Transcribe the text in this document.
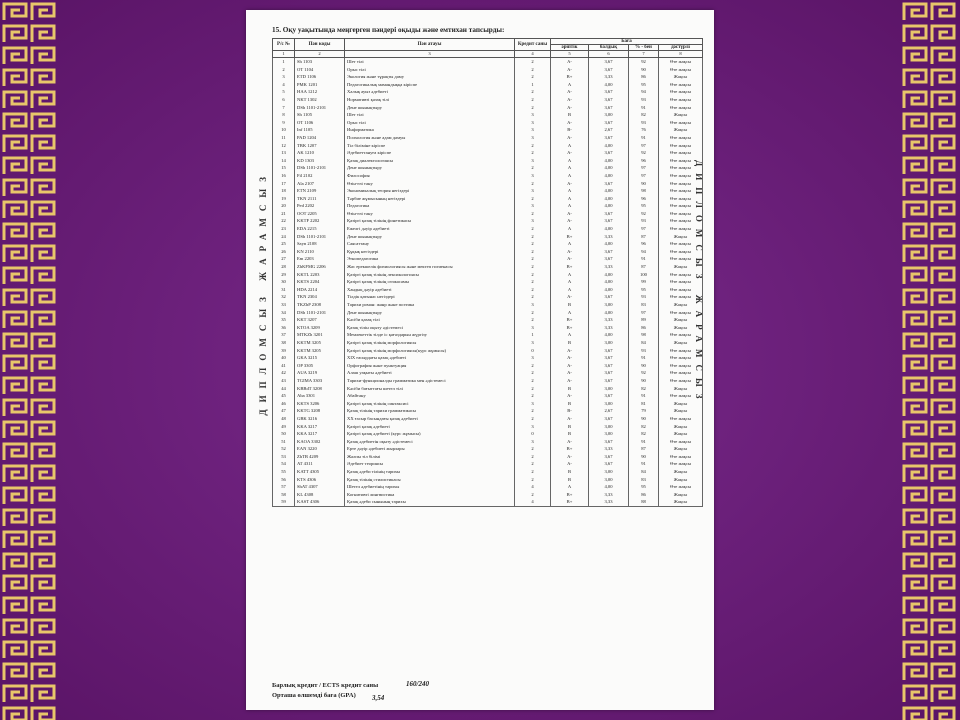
15. Оқу уақытында меңгерген пәндері оқыды және емтихан тапсырды:
ДИПЛОМСЫЗ ЖАРАМСЫЗ	ДИПЛОМСЫЗ ЖАРАМСЫЗ
Р/с №	Пән коды	Пән атауы	Кредит саны	Баға			
				әріптік	балдық	% - бен	дәстүрлі
1	2	3	4	5	6	7	8
1	Sh 1103	Шет тілі	2	A-	3,67	92	Өте жақсы
2	OT 1104	Орыс тілі	2	A-	3,67	90	Өте жақсы
3	ETD 1106	Экология және тұрақты даму	2	B+	3,33	86	Жақсы
4	PMK 1201	Педагогикалық мамандыққа кіріспе	1	A	4,00	95	Өте жақсы
5	HAA 1212	Халық ауыз әдебиеті	2	A-	3,67	94	Өте жақсы
6	NKT 1302	Нормативті қазақ тілі	2	A-	3,67	93	Өте жақсы
7	DSh 1101-2101	Дене шынықтыру	2	A-	3,67	91	Өте жақсы
8	Sh 1105	Шет тілі	3	B	3,00	82	Жақсы
9	OT 1106	Орыс тілі	3	A-	3,67	93	Өте жақсы
10	Inf 1105	Информатика	3	B-	2,67	76	Жақсы
11	PAD 1204	Психология және адам дамуы	3	A-	3,67	91	Өте жақсы
12	TBK 1207	Тіл біліміне кіріспе	2	A	4,00	97	Өте жақсы
13	AK 1210	Әдебиеттануға кіріспе	2	A-	3,67	92	Өте жақсы
14	KD 1303	Қазақ диалектологиясы	3	A	4,00	96	Өте жақсы
15	DSh 1101-2101	Дене шынықтыру	2	A	4,00	97	Өте жақсы
16	Fil 2102	Философия	3	A	4,00	97	Өте жақсы
17	Ala 2107	Өзін-өзі тану	2	A-	3,67	90	Өте жақсы
18	ETN 2109	Экономикалық теория негіздері	3	A	4,00	98	Өте жақсы
19	TKN 2111	Тәрбие жұмысының негіздері	2	A	4,00	96	Өте жақсы
20	Ped 2202	Педагогика	3	A	4,00	95	Өте жақсы
21	OOT 2205	Өзін-өзі тану	2	A-	3,67	92	Өте жақсы
22	KKTF 2202	Қазіргі қазақ тілінің фонетикасы	3	A-	3,67	93	Өте жақсы
23	EDA 2215	Ежелгі дәуір әдебиеті	2	A	4,00	97	Өте жақсы
24	DSh 1101-2101	Дене шынықтыру	2	B+	3,33	87	Жақсы
25	Sayn 2108	Саясаттану	2	A	4,00	96	Өте жақсы
26	KN 2110	Құқық негіздері	2	A-	3,67	94	Өте жақсы
27	Em 2203	Этнопедагогика	2	A-	3,67	91	Өте жақсы
28	ZhKFMG 2206	Жас ерекшелік физиологиясы және мектеп гигиенасы	2	B+	3,33	87	Жақсы
29	KKTL 2203	Қазіргі қазақ тілінің лексикологиясы	2	A	4,00	100	Өте жақсы
30	KKTS 2204	Қазіргі қазақ тілінің сөзжасамы	2	A	4,00	99	Өте жақсы
31	HDA 2214	Хандық дәуір әдебиеті	2	A	4,00	95	Өте жақсы
32	TKN 2304	Тілдік қатынас негіздері	2	A-	3,67	93	Өте жақсы
33	TKZhP 2308	Тарихи роман: жанр және поэтика	3	B	3,00	83	Жақсы
34	DSh 1101-2101	Дене шынықтыру	2	A	4,00	97	Өте жақсы
35	KKT 3207	Кәсіби қазақ тілі	2	B+	3,33	89	Жақсы
36	KTOA 3209	Қазақ тілін оқыту әдістемесі	3	B+	3,33	86	Жақсы
37	MTKZh 3201	Мемлекеттік тілде іс қағаздарын жүргізу	1	A	4,00	98	Өте жақсы
38	KKTM 3205	Қазіргі қазақ тілінің морфологиясы	3	B	3,00	84	Жақсы
39	KKTM 3205	Қазіргі қазақ тілінің морфологиясы(курс жұмысы)	0	A-	3,67	93	Өте жақсы
40	GKA 3215	XIX ғасырдағы қазақ әдебиеті	3	A-	3,67	91	Өте жақсы
41	OP 3305	Орфография және пунктуация	2	A-	3,67	90	Өте жақсы
42	AUA 3219	Алаш уақыты әдебиеті	2	A-	3,67	92	Өте жақсы
43	TGIMA 3303	Тарихи-функционалды грамматика мен әдістемесі	2	A-	3,67	90	Өте жақсы
44	KBBdT 3208	Кәсіби бағыттағы шетел тілі	2	B	3,00	82	Жақсы
45	Aba 3301	Абайтану	2	A-	3,67	91	Өте жақсы
46	KKTS 3206	Қазіргі қазақ тілінің синтаксисі	3	B	3,00	81	Жақсы
47	KKTG 3208	Қазақ тілінің тарихи грамматикасы	2	B-	2,67	79	Жақсы
48	GBK 3216	XX ғасыр басындағы қазақ әдебиеті	2	A-	3,67	90	Өте жақсы
49	KKA 3217	Қазіргі қазақ әдебиеті	3	B	3,00	82	Жақсы
50	KKA 3217	Қазіргі қазақ әдебиеті (курс жұмысы)	0	B	3,00	82	Жақсы
51	KAOA 3302	Қазақ әдебиетін оқыту әдістемесі	3	A-	3,67	91	Өте жақсы
52	EAN 3220	Ерте дәуір әдебиеті жырлары	2	B+	3,33	87	Жақсы
53	ZhTB 4209	Жалпы тіл білімі	2	A-	3,67	90	Өте жақсы
54	AT 4311	Әдебиет теориясы	2	A-	3,67	91	Өте жақсы
55	KATT 4305	Қазақ әдеби тілінің тарихы	2	B	3,00	84	Жақсы
56	KTS 4306	Қазақ тілінің стилистикасы	2	B	3,00	83	Жақсы
57	ShAT 4307	Шетел әдебиетінің тарихы	4	A	4,00	95	Өте жақсы
58	KL 4308	Когнитивті лингвистика	2	B+	3,33	86	Жақсы
59	KAST 4306	Қазақ әдеби сынының тарихы	4	B+	3,33	88	Жақсы
Барлық кредит / ECTS кредит саны	160/240
Орташа өлшемді баға (GPA)	3,54
